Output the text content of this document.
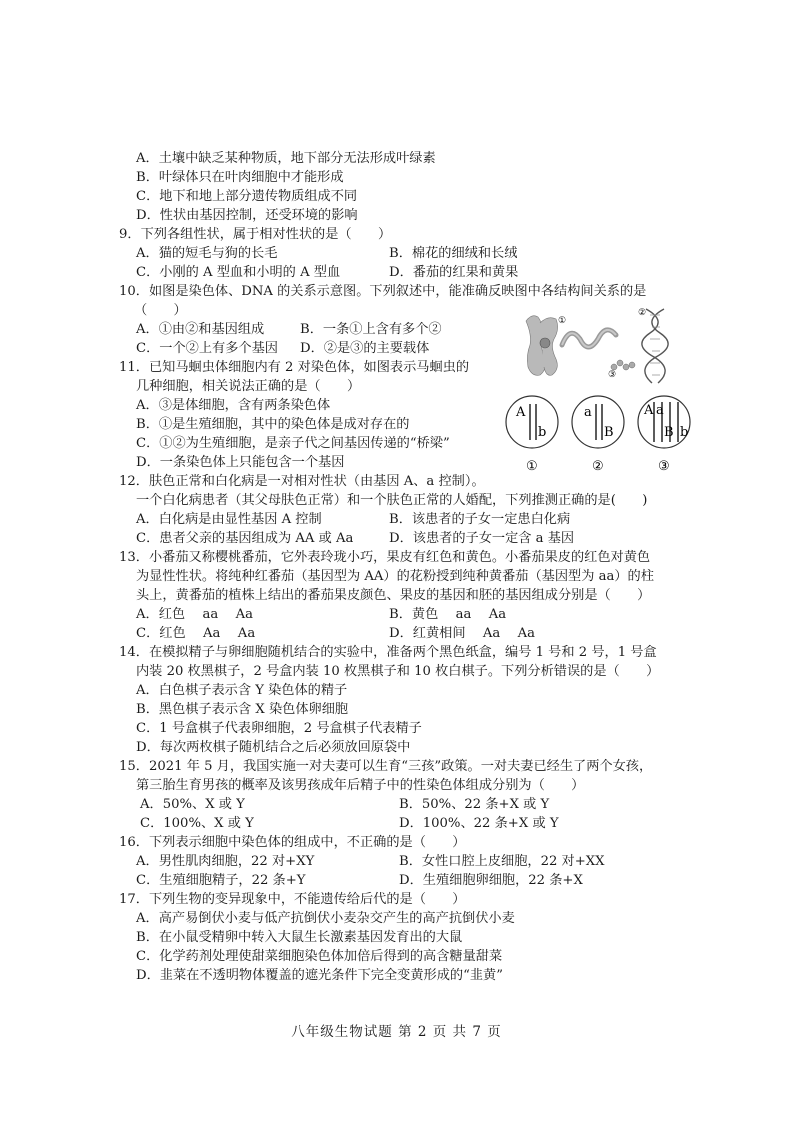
A．土壤中缺乏某种物质，地下部分无法形成叶绿素
B．叶绿体只在叶肉细胞中才能形成
C．地下和地上部分遗传物质组成不同
D．性状由基因控制，还受环境的影响
9．下列各组性状，属于相对性状的是（　　）
A．猫的短毛与狗的长毛	B．棉花的细绒和长绒
C．小刚的 A 型血和小明的 A 型血	D．番茄的红果和黄果
10．如图是染色体、DNA 的关系示意图。下列叙述中，能准确反映图中各结构间关系的是
（　　）
A．①由②和基因组成	B．一条①上含有多个②
C．一个②上有多个基因 D．②是③的主要载体
①
③
②
11．已知马蛔虫体细胞内有 2 对染色体，如图表示马蛔虫的
几种细胞，相关说法正确的是（　　）
A．③是体细胞，含有两条染色体
B．①是生殖细胞，其中的染色体是成对存在的
C．①②为生殖细胞，是亲子代之间基因传递的“桥梁”
D．一条染色体上只能包含一个基因
A
b
a
B
A a
B b
①	②	③
12．肤色正常和白化病是一对相对性状（由基因 A、a 控制）。
一个白化病患者（其父母肤色正常）和一个肤色正常的人婚配，下列推测正确的是(　　)
A．白化病是由显性基因 A 控制	B．该患者的子女一定患白化病
C．患者父亲的基因组成为 AA 或 Aa	D．该患者的子女一定含 a 基因
13．小番茄又称樱桃番茄，它外表玲珑小巧，果皮有红色和黄色。小番茄果皮的红色对黄色
为显性性状。将纯种红番茄（基因型为 AA）的花粉授到纯种黄番茄（基因型为 aa）的柱
头上，黄番茄的植株上结出的番茄果皮颜色、果皮的基因和胚的基因组成分别是（　　）
A．红色　 aa　 Aa	B．黄色　 aa　 Aa
C．红色　 Aa　 Aa	D．红黄相间　 Aa　 Aa
14．在模拟精子与卵细胞随机结合的实验中，准备两个黑色纸盒，编号 1 号和 2 号，1 号盒
内装 20 枚黑棋子，2 号盒内装 10 枚黑棋子和 10 枚白棋子。下列分析错误的是（　　）
A．白色棋子表示含 Y 染色体的精子
B．黑色棋子表示含 X 染色体卵细胞
C．1 号盒棋子代表卵细胞，2 号盒棋子代表精子
D．每次两枚棋子随机结合之后必须放回原袋中
15．2021 年 5 月，我国实施一对夫妻可以生育“三孩”政策。一对夫妻已经生了两个女孩，
第三胎生育男孩的概率及该男孩成年后精子中的性染色体组成分别为（　　）
A．50%、X 或 Y	B．50%、22 条+X 或 Y
C．100%、X 或 Y	D．100%、22 条+X 或 Y
16．下列表示细胞中染色体的组成中，不正确的是（　　）
A．男性肌肉细胞，22 对+XY	B．女性口腔上皮细胞，22 对+XX
C．生殖细胞精子，22 条+Y	D．生殖细胞卵细胞，22 条+X
17．下列生物的变异现象中，不能遗传给后代的是（　　）
A．高产易倒伏小麦与低产抗倒伏小麦杂交产生的高产抗倒伏小麦
B．在小鼠受精卵中转入大鼠生长激素基因发育出的大鼠
C．化学药剂处理使甜菜细胞染色体加倍后得到的高含糖量甜菜
D．韭菜在不透明物体覆盖的遮光条件下完全变黄形成的“韭黄”
八年级生物试题 第 2 页 共 7 页
